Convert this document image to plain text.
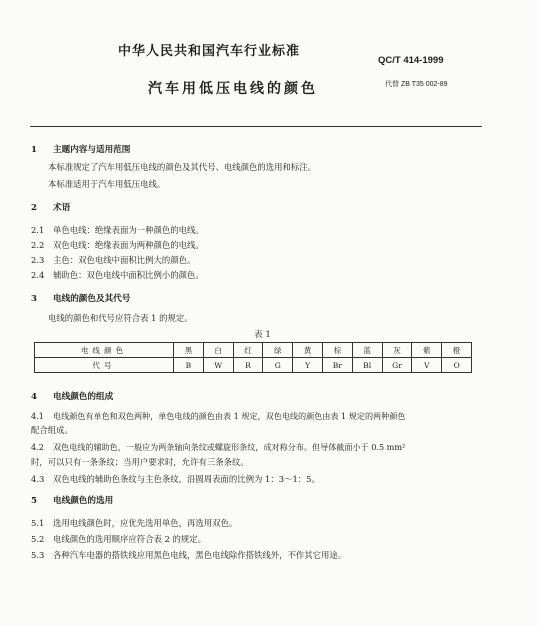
中华人民共和国汽车行业标准
QC/T 414-1999
汽车用低压电线的颜色	代替 ZB T35 002-89
1 主题内容与适用范围
本标准规定了汽车用低压电线的颜色及其代号、电线颜色的选用和标注。
本标准适用于汽车用低压电线。
2 术语
2.1 单色电线：绝缘表面为一种颜色的电线。
2.2 双色电线：绝缘表面为两种颜色的电线。
2.3 主色：双色电线中面积比例大的颜色。
2.4 辅助色：双色电线中面积比例小的颜色。
3 电线的颜色及其代号
电线的颜色和代号应符合表 1 的规定。
表 1
电线颜色	黑	白	红	绿	黄	棕	蓝	灰	紫	橙
代号	B	W	R	G	Y	Br	Bl	Gr	V	O
4 电线颜色的组成
4.1 电线颜色有单色和双色两种，单色电线的颜色由表 1 规定，双色电线的颜色由表 1 规定的两种颜色
配合组成。
4.2 双色电线的辅助色，一般应为两条轴向条纹或螺旋形条纹，成对称分布。但导体截面小于 0.5 mm²
时，可以只有一条条纹；当用户要求时，允许有三条条纹。
4.3 双色电线的辅助色条纹与主色条纹，沿圆周表面的比例为 1：3～1：5。
5 电线颜色的选用
5.1 选用电线颜色时，应优先选用单色，再选用双色。
5.2 电线颜色的选用顺序应符合表 2 的规定。
5.3 各种汽车电器的搭铁线应用黑色电线，黑色电线除作搭铁线外，不作其它用途。
